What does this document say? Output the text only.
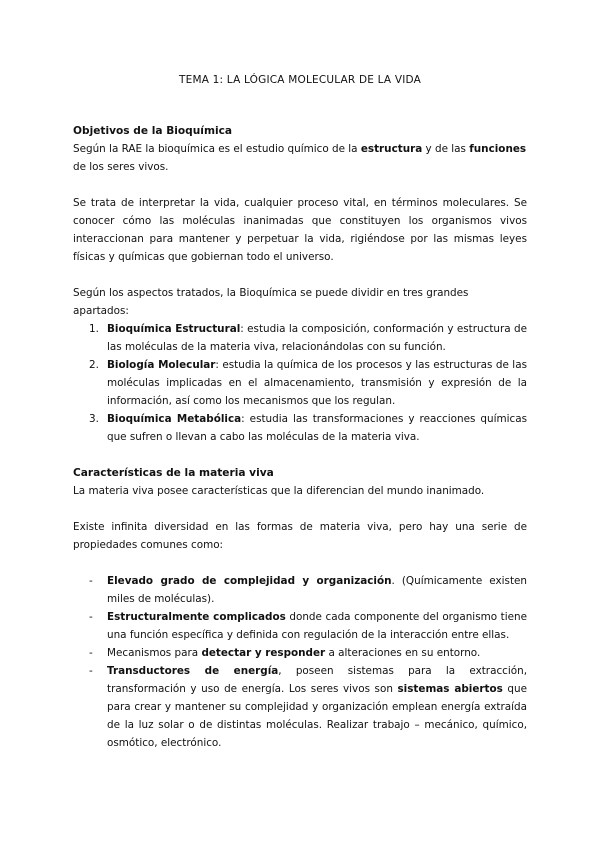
TEMA 1: LA LÓGICA MOLECULAR DE LA VIDA
Objetivos de la Bioquímica
Según la RAE la bioquímica es el estudio químico de la estructura y de las funciones de los seres vivos.
Se trata de interpretar la vida, cualquier proceso vital, en términos moleculares. Se conocer cómo las moléculas inanimadas que constituyen los organismos vivos interaccionan para mantener y perpetuar la vida, rigiéndose por las mismas leyes físicas y químicas que gobiernan todo el universo.
Según los aspectos tratados, la Bioquímica se puede dividir en tres grandes apartados:
1. Bioquímica Estructural: estudia la composición, conformación y estructura de las moléculas de la materia viva, relacionándolas con su función.
2. Biología Molecular: estudia la química de los procesos y las estructuras de las moléculas implicadas en el almacenamiento, transmisión y expresión de la información, así como los mecanismos que los regulan.
3. Bioquímica Metabólica: estudia las transformaciones y reacciones químicas que sufren o llevan a cabo las moléculas de la materia viva.
Características de la materia viva
La materia viva posee características que la diferencian del mundo inanimado.
Existe infinita diversidad en las formas de materia viva, pero hay una serie de propiedades comunes como:
- Elevado grado de complejidad y organización. (Químicamente existen miles de moléculas).
- Estructuralmente complicados donde cada componente del organismo tiene una función específica y definida con regulación de la interacción entre ellas.
- Mecanismos para detectar y responder a alteraciones en su entorno.
- Transductores de energía, poseen sistemas para la extracción, transformación y uso de energía. Los seres vivos son sistemas abiertos que para crear y mantener su complejidad y organización emplean energía extraída de la luz solar o de distintas moléculas. Realizar trabajo – mecánico, químico, osmótico, electrónico.
